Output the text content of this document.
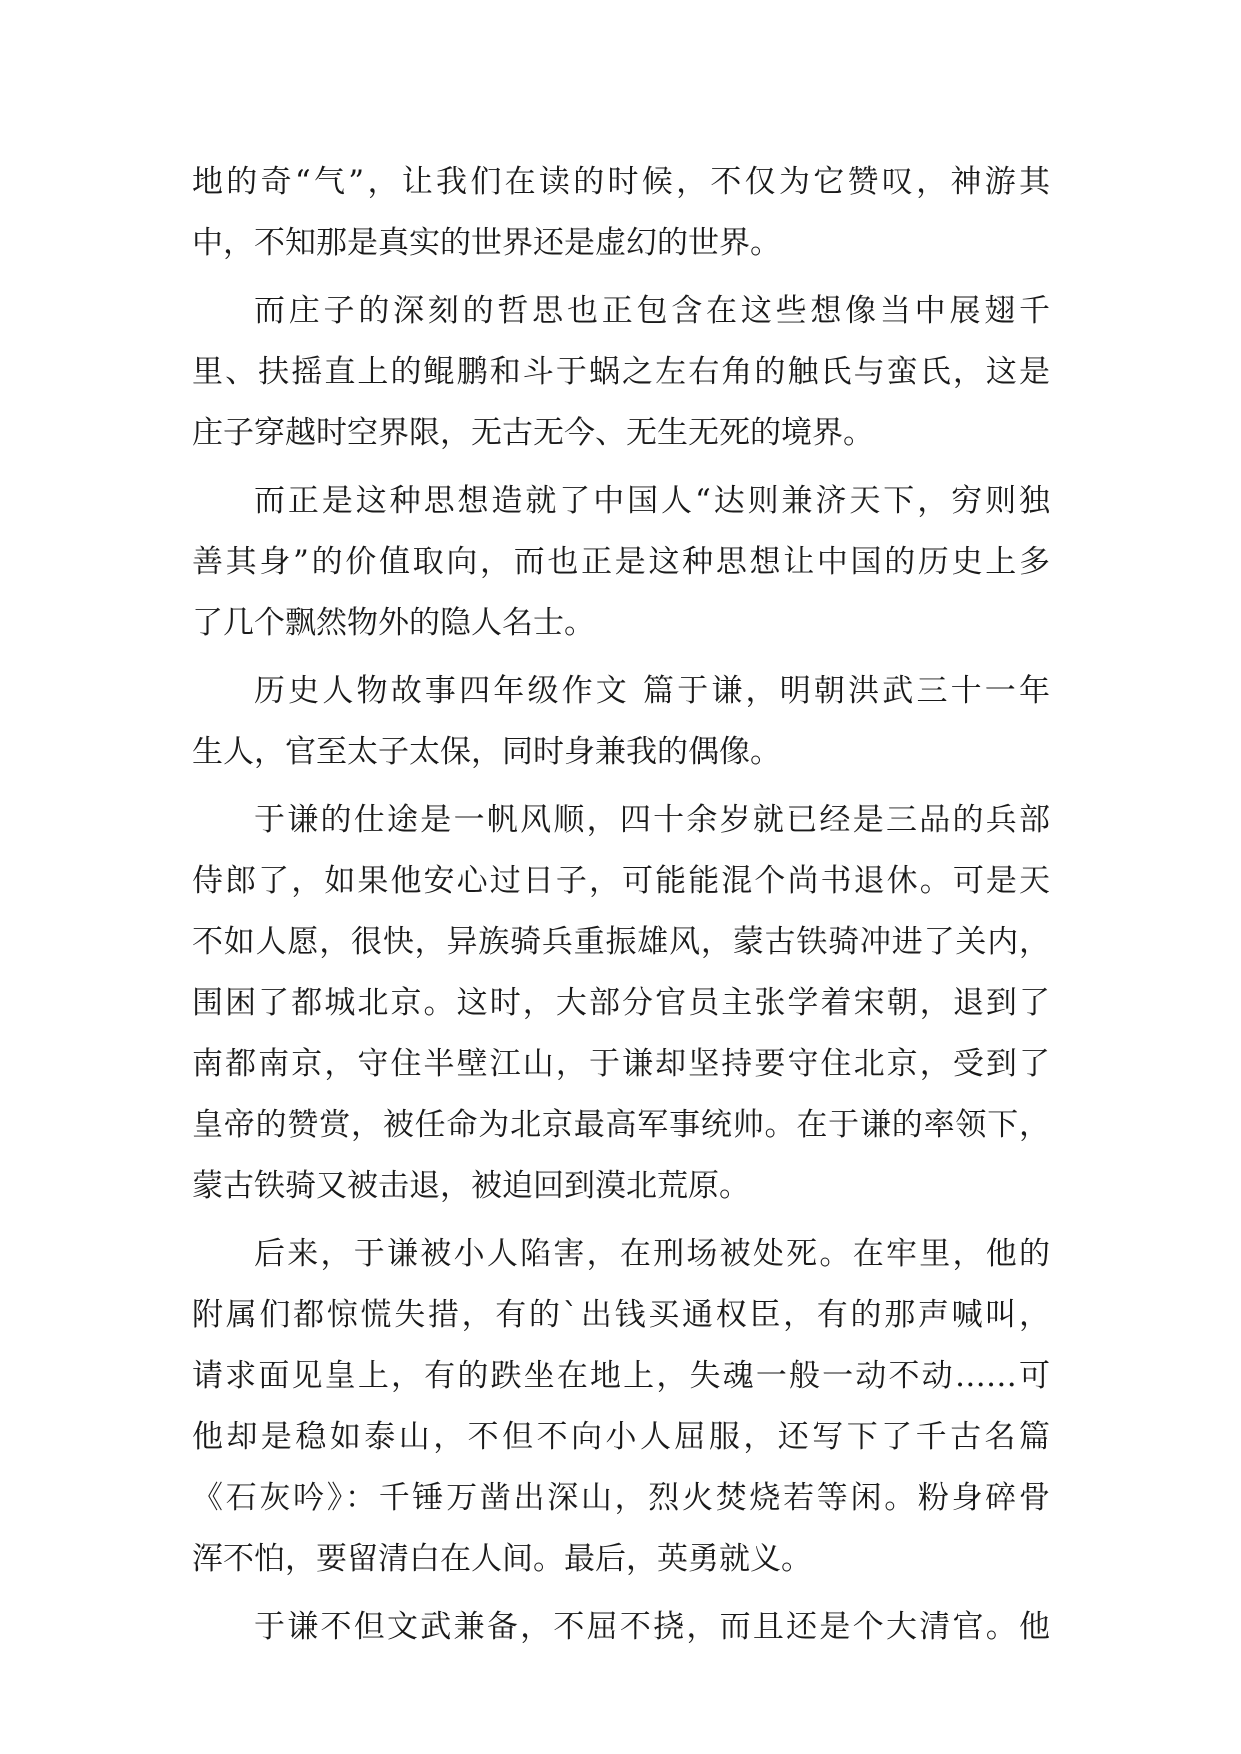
地的奇“气”，让我们在读的时候，不仅为它赞叹，神游其
中，不知那是真实的世界还是虚幻的世界。
而庄子的深刻的哲思也正包含在这些想像当中展翅千
里、扶摇直上的鲲鹏和斗于蜗之左右角的触氏与蛮氏，这是
庄子穿越时空界限，无古无今、无生无死的境界。
而正是这种思想造就了中国人“达则兼济天下，穷则独
善其身”的价值取向，而也正是这种思想让中国的历史上多
了几个飘然物外的隐人名士。
历史人物故事四年级作文 篇于谦，明朝洪武三十一年
生人，官至太子太保，同时身兼我的偶像。
于谦的仕途是一帆风顺，四十余岁就已经是三品的兵部
侍郎了，如果他安心过日子，可能能混个尚书退休。可是天
不如人愿，很快，异族骑兵重振雄风，蒙古铁骑冲进了关内，
围困了都城北京。这时，大部分官员主张学着宋朝，退到了
南都南京，守住半壁江山，于谦却坚持要守住北京，受到了
皇帝的赞赏，被任命为北京最高军事统帅。在于谦的率领下，
蒙古铁骑又被击退，被迫回到漠北荒原。
后来，于谦被小人陷害，在刑场被处死。在牢里，他的
附属们都惊慌失措，有的`出钱买通权臣，有的那声喊叫，
请求面见皇上，有的跌坐在地上，失魂一般一动不动……可
他却是稳如泰山，不但不向小人屈服，还写下了千古名篇
《石灰吟》：千锤万凿出深山，烈火焚烧若等闲。粉身碎骨
浑不怕，要留清白在人间。最后，英勇就义。
于谦不但文武兼备，不屈不挠，而且还是个大清官。他
